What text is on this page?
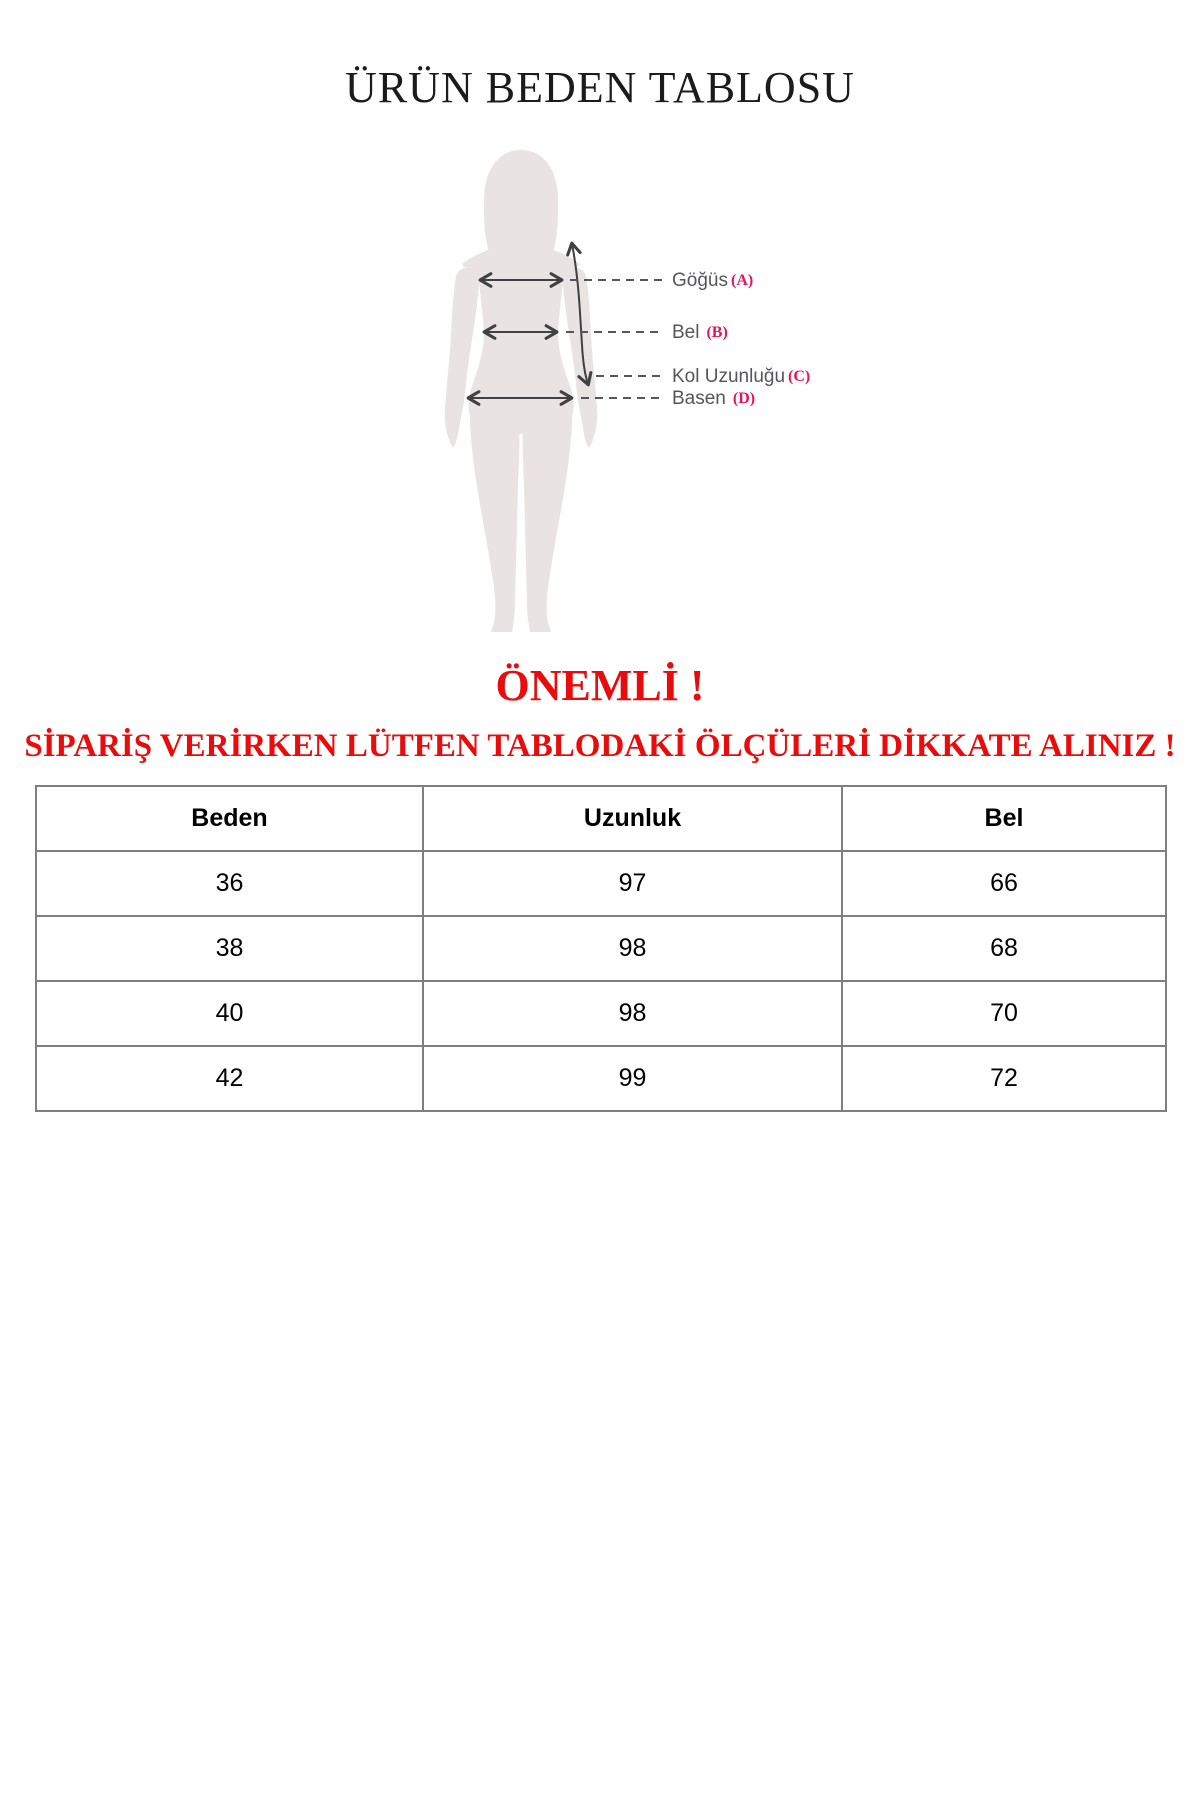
ÜRÜN BEDEN TABLOSU
Göğüs (A)
Bel (B)
Kol Uzunluğu (C)
Basen (D)
ÖNEMLİ !
SİPARİŞ VERİRKEN LÜTFEN TABLODAKİ ÖLÇÜLERİ DİKKATE ALINIZ !
Beden	Uzunluk	Bel
36	97	66
38	98	68
40	98	70
42	99	72
